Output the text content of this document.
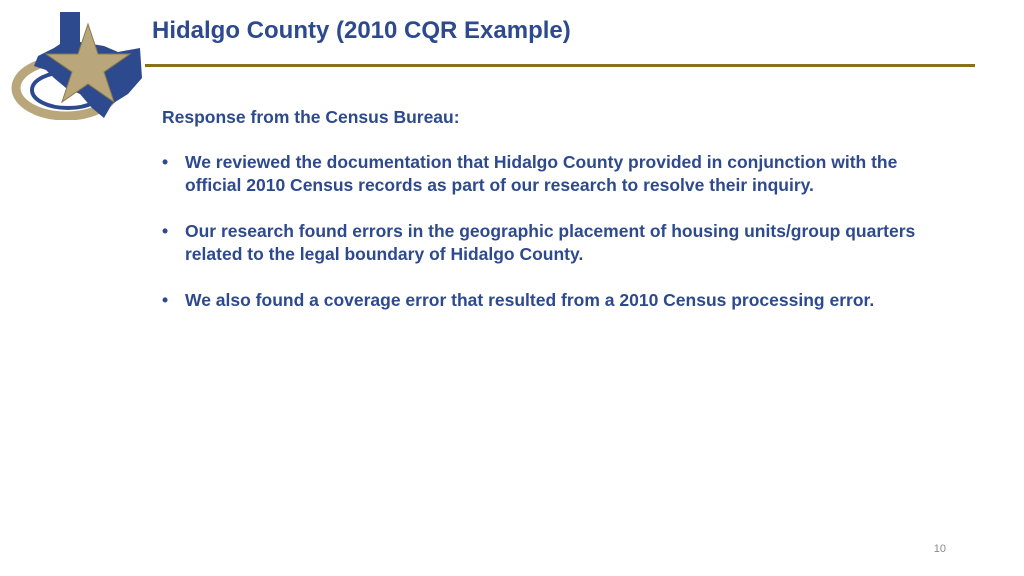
Hidalgo County (2010 CQR Example)

Response from the Census Bureau:

• We reviewed the documentation that Hidalgo County provided in conjunction with the official 2010 Census records as part of our research to resolve their inquiry.
• Our research found errors in the geographic placement of housing units/group quarters related to the legal boundary of Hidalgo County.
• We also found a coverage error that resulted from a 2010 Census processing error.
10
